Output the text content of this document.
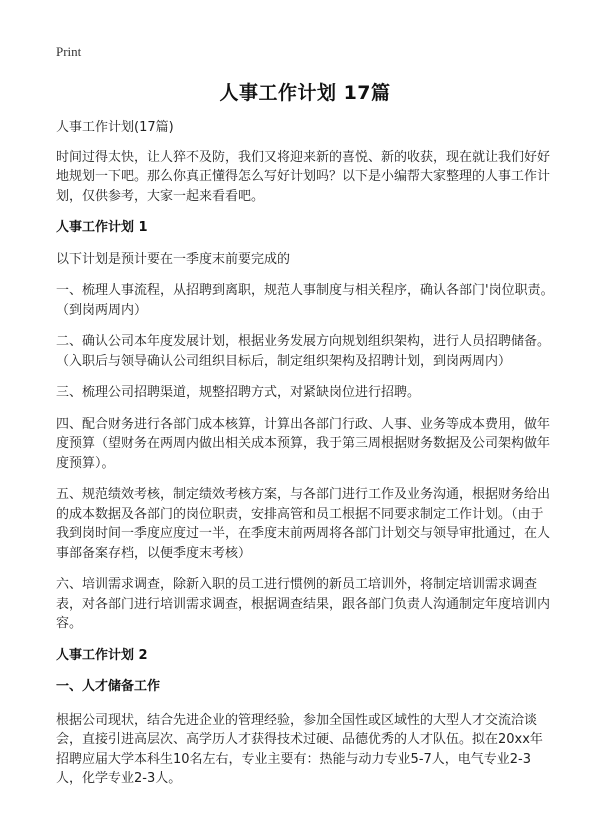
Print
人事工作计划 17篇

人事工作计划(17篇)

时间过得太快，让人猝不及防，我们又将迎来新的喜悦、新的收获，现在就让我们好好地规划一下吧。那么你真正懂得怎么写好计划吗？以下是小编帮大家整理的人事工作计划，仅供参考，大家一起来看看吧。

人事工作计划 1

以下计划是预计要在一季度末前要完成的

一、梳理人事流程，从招聘到离职，规范人事制度与相关程序，确认各部门'岗位职责。（到岗两周内）

二、确认公司本年度发展计划，根据业务发展方向规划组织架构，进行人员招聘储备。（入职后与领导确认公司组织目标后，制定组织架构及招聘计划，到岗两周内）

三、梳理公司招聘渠道，规整招聘方式，对紧缺岗位进行招聘。

四、配合财务进行各部门成本核算，计算出各部门行政、人事、业务等成本费用，做年度预算（望财务在两周内做出相关成本预算，我于第三周根据财务数据及公司架构做年度预算）。

五、规范绩效考核，制定绩效考核方案，与各部门进行工作及业务沟通，根据财务给出的成本数据及各部门的岗位职责，安排高管和员工根据不同要求制定工作计划。（由于我到岗时间一季度应度过一半，在季度末前两周将各部门计划交与领导审批通过，在人事部备案存档，以便季度末考核）

六、培训需求调查，除新入职的员工进行惯例的新员工培训外，将制定培训需求调查表，对各部门进行培训需求调查，根据调查结果，跟各部门负责人沟通制定年度培训内容。

人事工作计划 2

一、人才储备工作

根据公司现状，结合先进企业的管理经验，参加全国性或区域性的大型人才交流洽谈会，直接引进高层次、高学历人才获得技术过硬、品德优秀的人才队伍。拟在20xx年招聘应届大学本科生10名左右，专业主要有：热能与动力专业5-7人，电气专业2-3人，化学专业2-3人。
